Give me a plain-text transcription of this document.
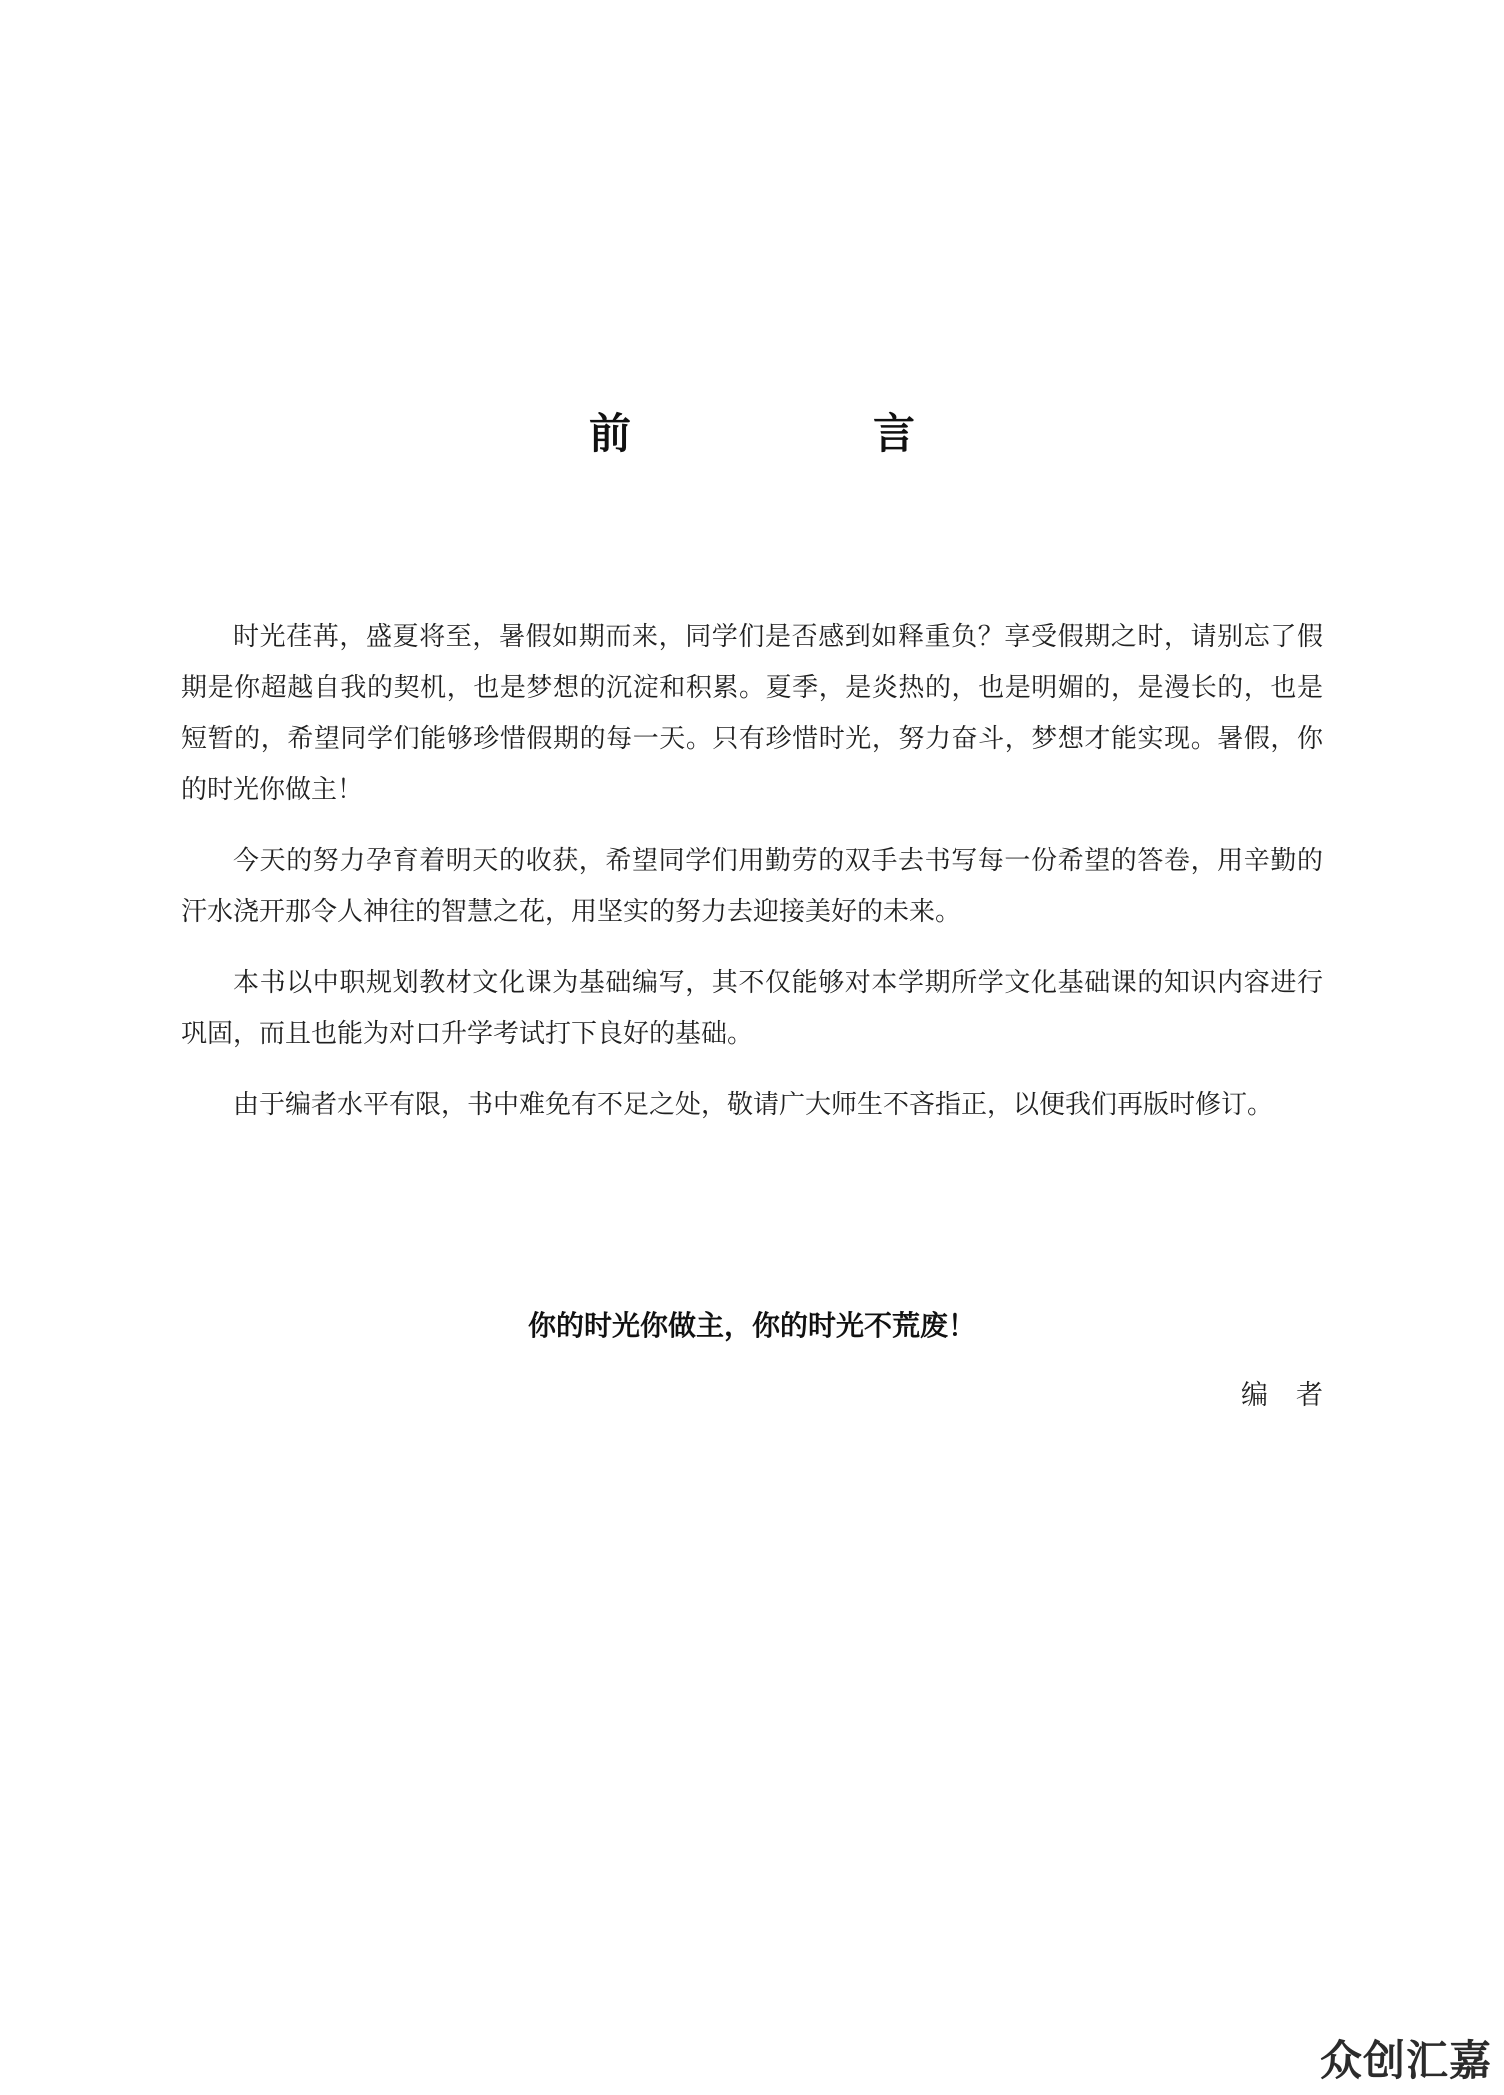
前　言

时光荏苒，盛夏将至，暑假如期而来，同学们是否感到如释重负？享受假期之时，请别忘了假期是你超越自我的契机，也是梦想的沉淀和积累。夏季，是炎热的，也是明媚的，是漫长的，也是短暂的，希望同学们能够珍惜假期的每一天。只有珍惜时光，努力奋斗，梦想才能实现。暑假，你的时光你做主！

今天的努力孕育着明天的收获，希望同学们用勤劳的双手去书写每一份希望的答卷，用辛勤的汗水浇开那令人神往的智慧之花，用坚实的努力去迎接美好的未来。

本书以中职规划教材文化课为基础编写，其不仅能够对本学期所学文化基础课的知识内容进行巩固，而且也能为对口升学考试打下良好的基础。

由于编者水平有限，书中难免有不足之处，敬请广大师生不吝指正，以便我们再版时修订。

你的时光你做主，你的时光不荒废！
编者
众创汇嘉
